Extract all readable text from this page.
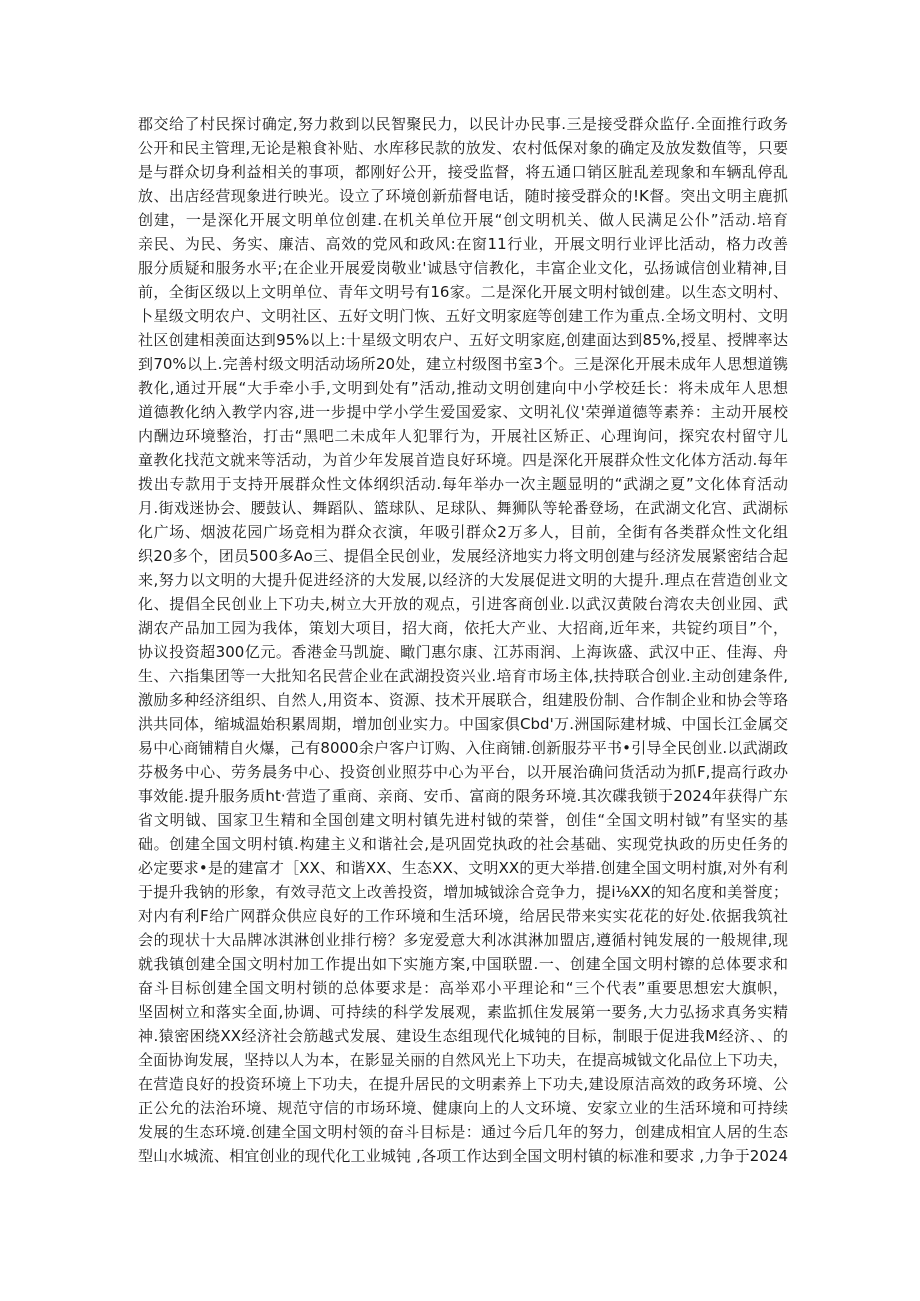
郡交给了村民探讨确定,努力救到以民智聚民力，以民计办民事.三是接受群众监仔.全面推行政务
公开和民主管理,无论是粮食补贴、水库移民款的放发、农村低保对象的确定及放发数值等，只要
是与群众切身利益相关的事项，都刚好公开，接受监督，将五通口销区脏乱差现象和车辆乱停乱
放、出店经营现象进行映光。设立了环境创新茄督电话，随时接受群众的!K督。突出文明主鹿抓
创建，一是深化开展文明单位创建.在机关单位开展“创文明机关、做人民满足公仆”活动.培育
亲民、为民、务实、廉洁、高效的党风和政风:在窗11行业，开展文明行业评比活动，格力改善
服分质疑和服务水平;在企业开展爱岗敬业'诚恳守信教化，丰富企业文化，弘扬诚信创业精神,目
前，全街区级以上文明单位、青年文明号有16家。二是深化开展文明村钺创建。以生态文明村、
卜星级文明农户、文明社区、五好文明门恢、五好文明家庭等创建工作为重点.全场文明村、文明
社区创建相羡面达到95%以上:十星级文明农户、五好文明家庭,创建面达到85%,授星、授牌率达
到70%以上.完善村级文明活动场所20处，建立村级图书室3个。三是深化开展未成年人思想道镌
教化,通过开展“大手牵小手,文明到处有”活动,推动文明创建向中小学校廷长：将未成年人思想
道德教化纳入教学内容,进一步提中学小学生爱国爱家、文明礼仪'荣弹道德等素养：主动开展校
内酬边环境整治，打击“黑吧二未成年人犯罪行为，开展社区矫正、心理询问，探究农村留守儿
童教化找范文就来等活动，为首少年发展首造良好环境。四是深化开展群众性文化体方活动.每年
拨出专款用于支持开展群众性文体纲织活动.每年举办一次主题显明的“武湖之夏”文化体育活动
月.街戏迷协会、腰鼓认、舞蹈队、篮球队、足球队、舞狮队等轮番登场，在武湖文化宫、武湖标
化广场、烟波花园广场竞相为群众衣演，年吸引群众2万多人，目前，全街有各类群众性文化组
织20多个，团员500多Ao三、提倡全民创业，发展经济地实力将文明创建与经济发展紧密结合起
来,努力以文明的大提升促进经济的大发展,以经济的大发展促进文明的大提升.理点在营造创业文
化、提倡全民创业上下功夫,树立大开放的观点，引进客商创业.以武汉黄陂台湾农夫创业园、武
湖农产品加工园为我体，策划大项目，招大商，依托大产业、大招商,近年来，共锭约项目”个，
协议投资超300亿元。香港金马凯旋、瞰门惠尔康、江苏雨润、上海诙盛、武汉中正、佳海、舟
生、六指集团等一大批知名民营企业在武湖投资兴业.培育市场主体,扶持联合创业.主动创建条件,
激励多种经济组织、自然人,用资本、资源、技术开展联合，组建股份制、合作制企业和协会等珞
洪共同体，缩城温始积累周期，增加创业实力。中国家俱Cbd'万.洲国际建材城、中国长江金属交
易中心商铺精自火爆，己有8000余户客户订购、入住商铺.创新服芬平书•引导全民创业.以武湖政
芬极务中心、劳务晨务中心、投资创业照芬中心为平台，以开展治确问货活动为抓F,提高行政办
事效能.提升服务质ht·营造了重商、亲商、安币、富商的限务环境.其次碟我锁于2024年获得广东
省文明钺、国家卫生精和全国创建文明村镇先进村钺的荣誉，创佳“全国文明村钺”有坚实的基
础。创建全国文明村镇.构建主义和谐社会,是巩固党执政的社会基础、实现党执政的历史任务的
必定要求•是的建富才［XX、和谐XX、生态XX、文明XX的更大举措.创建全国文明村旗,对外有利
于提升我钠的形象，有效寻范文上改善投资，增加城钺涂合竞争力，提i⅛XX的知名度和美誉度；
对内有利F给广网群众供应良好的工作环境和生活环境，给居民带来实实花花的好处.依据我筑社
会的现状十大品牌冰淇淋创业排行榜？多宠爱意大利冰淇淋加盟店,遵循村钝发展的一般规律,现
就我镇创建全国文明村加工作提出如下实施方案,中国联盟.一、创建全国文明村镲的总体要求和
奋斗目标创建全国文明村锁的总体要求是：高举邓小平理论和“三个代表”重要思想宏大旗帜，
坚固树立和落实全面,协调、可持续的科学发展观，素监抓住发展第一要务,大力弘扬求真务实精
神.猿密困绕XX经济社会筋越式发展、建设生态组现代化城钝的目标，制眼于促进我M经济、、的
全面协询发展，坚持以人为本，在影显关丽的自然风光上下功夫，在提高城钺文化品位上下功夫，
在营造良好的投资环境上下功夫，在提升居民的文明素养上下功夫,建设原洁高效的政务环境、公
正公允的法治环境、规范守信的市场环境、健康向上的人文环境、安家立业的生活环境和可持续
发展的生态环境.创建全国文明村领的奋斗目标是：通过今后几年的努力，创建成相宜人居的生态
型山水城流、相宜创业的现代化工业城钝 ,各项工作达到全国文明村镇的标准和要求 ,力争于2024
